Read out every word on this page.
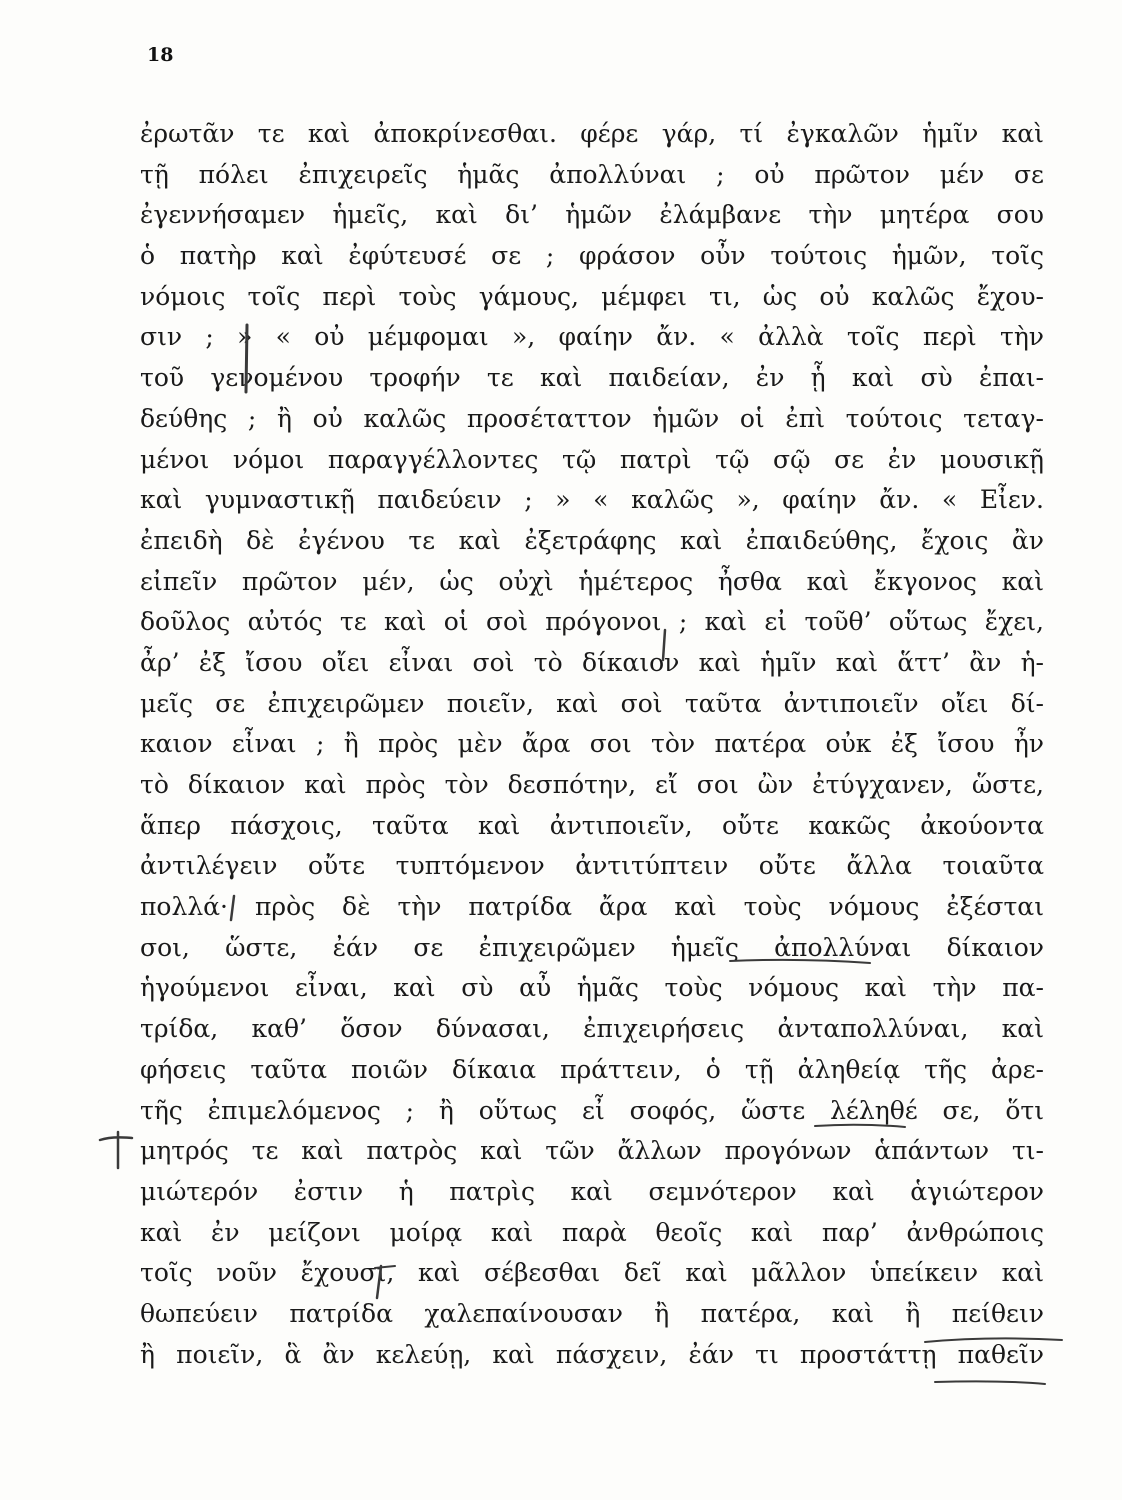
18
ἐρωτᾶν τε καὶ ἀποκρίνεσθαι. φέρε γάρ, τί ἐγκαλῶν ἡμῖν καὶ
τῇ πόλει ἐπιχειρεῖς ἡμᾶς ἀπολλύναι ; οὐ πρῶτον μέν σε
ἐγεννήσαμεν ἡμεῖς, καὶ δι’ ἡμῶν ἐλάμβανε τὴν μητέρα σου
ὁ πατὴρ καὶ ἐφύτευσέ σε ; φράσον οὖν τούτοις ἡμῶν, τοῖς
νόμοις τοῖς περὶ τοὺς γάμους, μέμφει τι, ὡς οὐ καλῶς ἔχου-
σιν ; » « οὐ μέμφομαι », φαίην ἄν. « ἀλλὰ τοῖς περὶ τὴν
τοῦ γενομένου τροφήν τε καὶ παιδείαν, ἐν ᾗ καὶ σὺ ἐπαι-
δεύθης ; ἢ οὐ καλῶς προσέταττον ἡμῶν οἱ ἐπὶ τούτοις τεταγ-
μένοι νόμοι παραγγέλλοντες τῷ πατρὶ τῷ σῷ σε ἐν μουσικῇ
καὶ γυμναστικῇ παιδεύειν ; » « καλῶς », φαίην ἄν. « Εἶεν.
ἐπειδὴ δὲ ἐγένου τε καὶ ἐξετράφης καὶ ἐπαιδεύθης, ἔχοις ἂν
εἰπεῖν πρῶτον μέν, ὡς οὐχὶ ἡμέτερος ἦσθα καὶ ἔκγονος καὶ
δοῦλος αὐτός τε καὶ οἱ σοὶ πρόγονοι ; καὶ εἰ τοῦθ’ οὕτως ἔχει,
ἆρ’ ἐξ ἴσου οἴει εἶναι σοὶ τὸ δίκαιον καὶ ἡμῖν καὶ ἅττ’ ἂν ἡ-
μεῖς σε ἐπιχειρῶμεν ποιεῖν, καὶ σοὶ ταῦτα ἀντιποιεῖν οἴει δί-
καιον εἶναι ; ἢ πρὸς μὲν ἄρα σοι τὸν πατέρα οὐκ ἐξ ἴσου ἦν
τὸ δίκαιον καὶ πρὸς τὸν δεσπότην, εἴ σοι ὢν ἐτύγχανεν, ὥστε,
ἅπερ πάσχοις, ταῦτα καὶ ἀντιποιεῖν, οὔτε κακῶς ἀκούοντα
ἀντιλέγειν οὔτε τυπτόμενον ἀντιτύπτειν οὔτε ἄλλα τοιαῦτα
πολλά· πρὸς δὲ τὴν πατρίδα ἄρα καὶ τοὺς νόμους ἐξέσται
σοι, ὥστε, ἐάν σε ἐπιχειρῶμεν ἡμεῖς ἀπολλύναι δίκαιον
ἡγούμενοι εἶναι, καὶ σὺ αὖ ἡμᾶς τοὺς νόμους καὶ τὴν πα-
τρίδα, καθ’ ὅσον δύνασαι, ἐπιχειρήσεις ἀνταπολλύναι, καὶ
φήσεις ταῦτα ποιῶν δίκαια πράττειν, ὁ τῇ ἀληθείᾳ τῆς ἀρε-
τῆς ἐπιμελόμενος ; ἢ οὕτως εἶ σοφός, ὥστε λέληθέ σε, ὅτι
μητρός τε καὶ πατρὸς καὶ τῶν ἄλλων προγόνων ἁπάντων τι-
μιώτερόν ἐστιν ἡ πατρὶς καὶ σεμνότερον καὶ ἁγιώτερον
καὶ ἐν μείζονι μοίρᾳ καὶ παρὰ θεοῖς καὶ παρ’ ἀνθρώποις
τοῖς νοῦν ἔχουσι, καὶ σέβεσθαι δεῖ καὶ μᾶλλον ὑπείκειν καὶ
θωπεύειν πατρίδα χαλεπαίνουσαν ἢ πατέρα, καὶ ἢ πείθειν
ἢ ποιεῖν, ἃ ἂν κελεύῃ, καὶ πάσχειν, ἐάν τι προστάττῃ παθεῖν
